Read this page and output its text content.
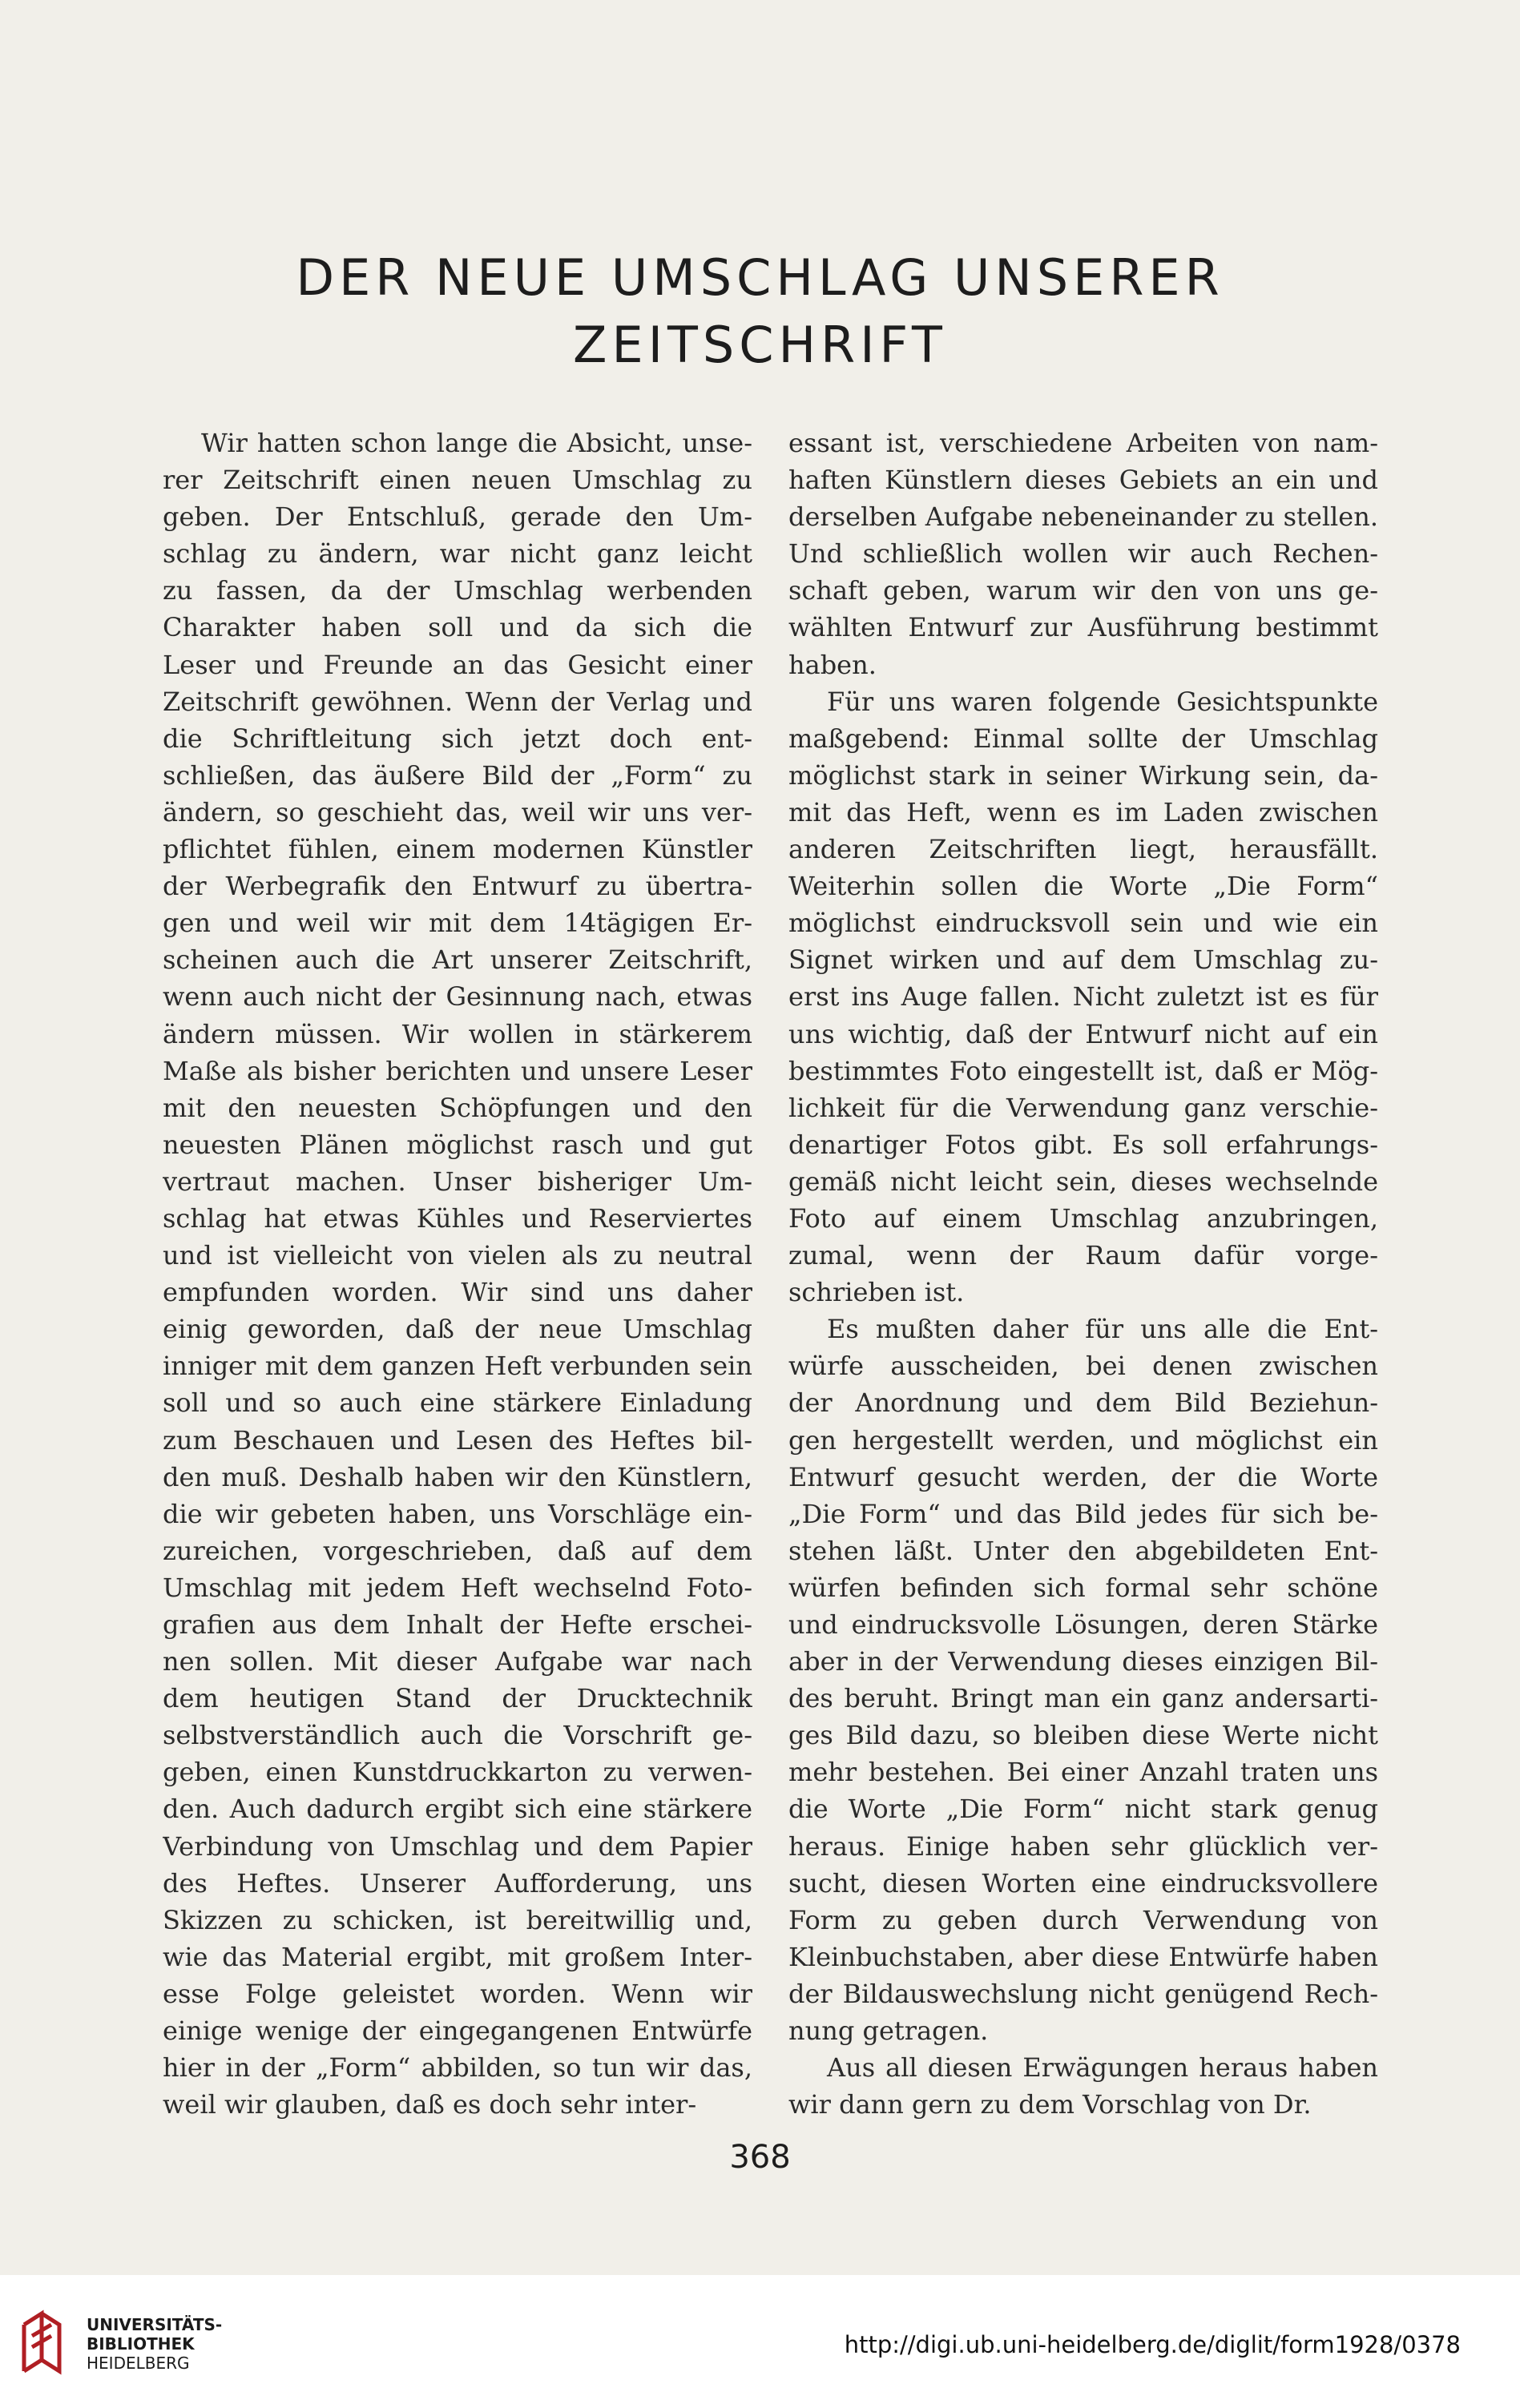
DER NEUE UMSCHLAG UNSERER
ZEITSCHRIFT

Wir hatten schon lange die Absicht, unse-

rer Zeitschrift einen neuen Umschlag zu

geben. Der Entschluß, gerade den Um-

schlag zu ändern, war nicht ganz leicht

zu fassen, da der Umschlag werbenden

Charakter haben soll und da sich die

Leser und Freunde an das Gesicht einer

Zeitschrift gewöhnen. Wenn der Verlag und

die Schriftleitung sich jetzt doch ent-

schließen, das äußere Bild der „Form“ zu

ändern, so geschieht das, weil wir uns ver-

pflichtet fühlen, einem modernen Künstler

der Werbegrafik den Entwurf zu übertra-

gen und weil wir mit dem 14tägigen Er-

scheinen auch die Art unserer Zeitschrift,

wenn auch nicht der Gesinnung nach, etwas

ändern müssen. Wir wollen in stärkerem

Maße als bisher berichten und unsere Leser

mit den neuesten Schöpfungen und den

neuesten Plänen möglichst rasch und gut

vertraut machen. Unser bisheriger Um-

schlag hat etwas Kühles und Reserviertes

und ist vielleicht von vielen als zu neutral

empfunden worden. Wir sind uns daher

einig geworden, daß der neue Umschlag

inniger mit dem ganzen Heft verbunden sein

soll und so auch eine stärkere Einladung

zum Beschauen und Lesen des Heftes bil-

den muß. Deshalb haben wir den Künstlern,

die wir gebeten haben, uns Vorschläge ein-

zureichen, vorgeschrieben, daß auf dem

Umschlag mit jedem Heft wechselnd Foto-

grafien aus dem Inhalt der Hefte erschei-

nen sollen. Mit dieser Aufgabe war nach

dem heutigen Stand der Drucktechnik

selbstverständlich auch die Vorschrift ge-

geben, einen Kunstdruckkarton zu verwen-

den. Auch dadurch ergibt sich eine stärkere

Verbindung von Umschlag und dem Papier

des Heftes. Unserer Aufforderung, uns

Skizzen zu schicken, ist bereitwillig und,

wie das Material ergibt, mit großem Inter-

esse Folge geleistet worden. Wenn wir

einige wenige der eingegangenen Entwürfe

hier in der „Form“ abbilden, so tun wir das,

weil wir glauben, daß es doch sehr inter-

essant ist, verschiedene Arbeiten von nam-

haften Künstlern dieses Gebiets an ein und

derselben Aufgabe nebeneinander zu stellen.

Und schließlich wollen wir auch Rechen-

schaft geben, warum wir den von uns ge-

wählten Entwurf zur Ausführung bestimmt

haben.

Für uns waren folgende Gesichtspunkte

maßgebend: Einmal sollte der Umschlag

möglichst stark in seiner Wirkung sein, da-

mit das Heft, wenn es im Laden zwischen

anderen Zeitschriften liegt, herausfällt.

Weiterhin sollen die Worte „Die Form“

möglichst eindrucksvoll sein und wie ein

Signet wirken und auf dem Umschlag zu-

erst ins Auge fallen. Nicht zuletzt ist es für

uns wichtig, daß der Entwurf nicht auf ein

bestimmtes Foto eingestellt ist, daß er Mög-

lichkeit für die Verwendung ganz verschie-

denartiger Fotos gibt. Es soll erfahrungs-

gemäß nicht leicht sein, dieses wechselnde

Foto auf einem Umschlag anzubringen,

zumal, wenn der Raum dafür vorge-

schrieben ist.

Es mußten daher für uns alle die Ent-

würfe ausscheiden, bei denen zwischen

der Anordnung und dem Bild Beziehun-

gen hergestellt werden, und möglichst ein

Entwurf gesucht werden, der die Worte

„Die Form“ und das Bild jedes für sich be-

stehen läßt. Unter den abgebildeten Ent-

würfen befinden sich formal sehr schöne

und eindrucksvolle Lösungen, deren Stärke

aber in der Verwendung dieses einzigen Bil-

des beruht. Bringt man ein ganz andersarti-

ges Bild dazu, so bleiben diese Werte nicht

mehr bestehen. Bei einer Anzahl traten uns

die Worte „Die Form“ nicht stark genug

heraus. Einige haben sehr glücklich ver-

sucht, diesen Worten eine eindrucksvollere

Form zu geben durch Verwendung von

Kleinbuchstaben, aber diese Entwürfe haben

der Bildauswechslung nicht genügend Rech-

nung getragen.

Aus all diesen Erwägungen heraus haben

wir dann gern zu dem Vorschlag von Dr.

368
UNIVERSITÄTS-
BIBLIOTHEK
HEIDELBERG
http://digi.ub.uni-heidelberg.de/diglit/form1928/0378
